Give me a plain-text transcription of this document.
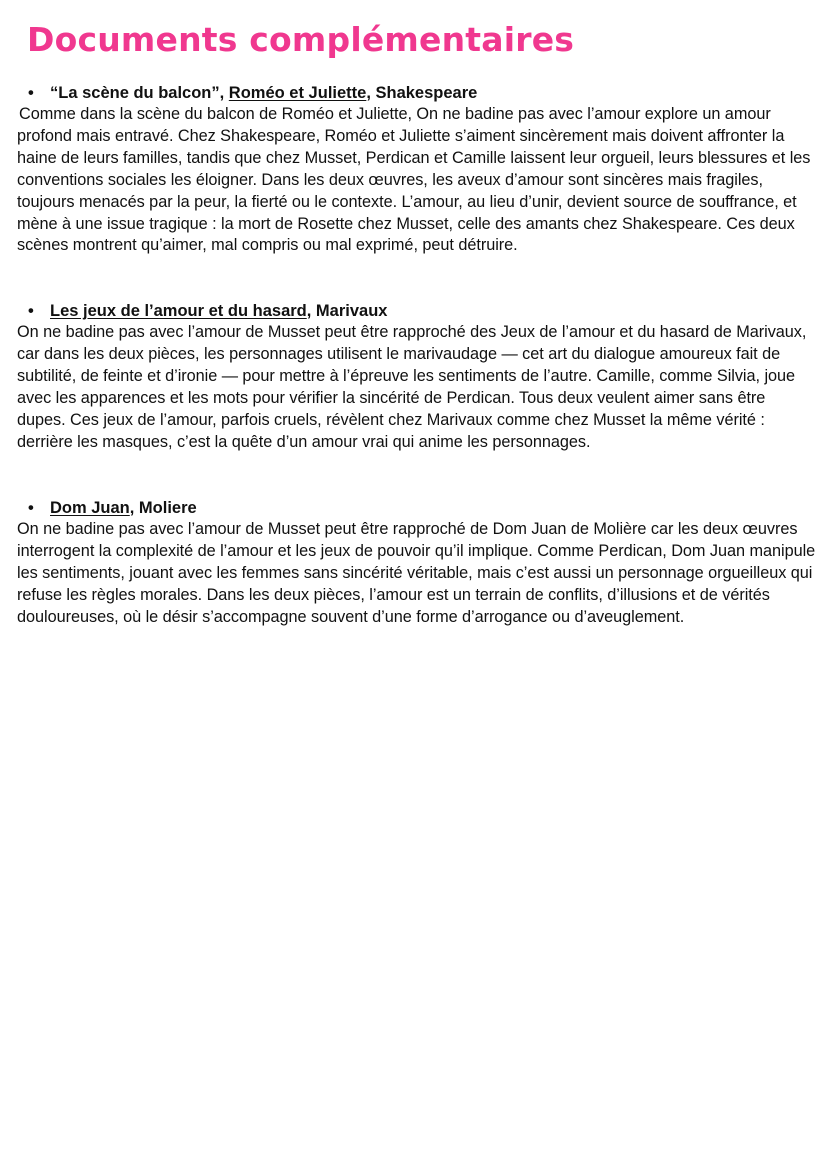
Documents complémentaires

• “La scène du balcon”, Roméo et Juliette, Shakespeare

Comme dans la scène du balcon de Roméo et Juliette, On ne badine pas avec l’amour explore un amour profond mais entravé. Chez Shakespeare, Roméo et Juliette s’aiment sincèrement mais doivent affronter la haine de leurs familles, tandis que chez Musset, Perdican et Camille laissent leur orgueil, leurs blessures et les conventions sociales les éloigner. Dans les deux œuvres, les aveux d’amour sont sincères mais fragiles, toujours menacés par la peur, la fierté ou le contexte. L’amour, au lieu d’unir, devient source de souffrance, et mène à une issue tragique : la mort de Rosette chez Musset, celle des amants chez Shakespeare. Ces deux scènes montrent qu’aimer, mal compris ou mal exprimé, peut détruire.

• Les jeux de l’amour et du hasard, Marivaux

On ne badine pas avec l’amour de Musset peut être rapproché des Jeux de l’amour et du hasard de Marivaux, car dans les deux pièces, les personnages utilisent le marivaudage — cet art du dialogue amoureux fait de subtilité, de feinte et d’ironie — pour mettre à l’épreuve les sentiments de l’autre. Camille, comme Silvia, joue avec les apparences et les mots pour vérifier la sincérité de Perdican. Tous deux veulent aimer sans être dupes. Ces jeux de l’amour, parfois cruels, révèlent chez Marivaux comme chez Musset la même vérité : derrière les masques, c’est la quête d’un amour vrai qui anime les personnages.

• Dom Juan, Moliere

On ne badine pas avec l’amour de Musset peut être rapproché de Dom Juan de Molière car les deux œuvres interrogent la complexité de l’amour et les jeux de pouvoir qu’il implique. Comme Perdican, Dom Juan manipule les sentiments, jouant avec les femmes sans sincérité véritable, mais c’est aussi un personnage orgueilleux qui refuse les règles morales. Dans les deux pièces, l’amour est un terrain de conflits, d’illusions et de vérités douloureuses, où le désir s’accompagne souvent d’une forme d’arrogance ou d’aveuglement.
